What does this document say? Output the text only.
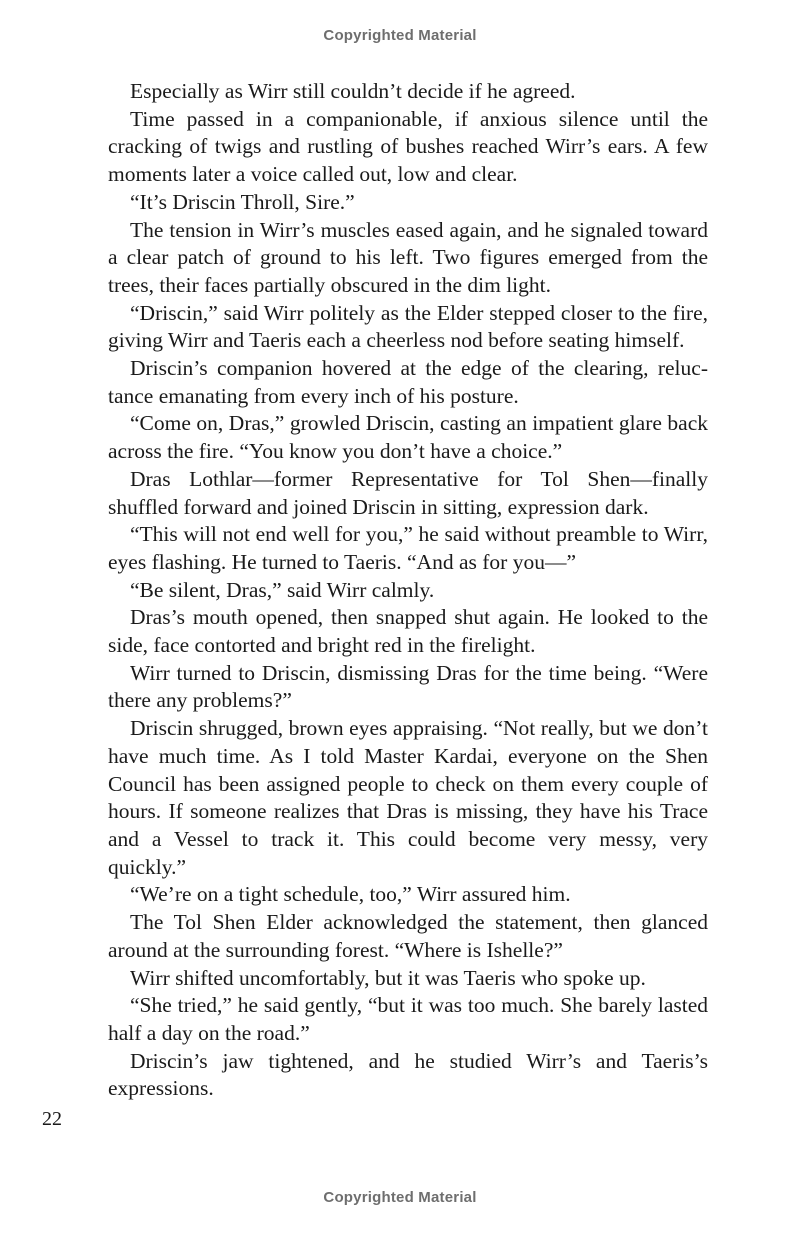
Copyrighted Material

Especially as Wirr still couldn’t decide if he agreed.

Time passed in a companionable, if anxious silence until the cracking of twigs and rustling of bushes reached Wirr’s ears. A few moments later a voice called out, low and clear.

“It’s Driscin Throll, Sire.”

The tension in Wirr’s muscles eased again, and he signaled toward a clear patch of ground to his left. Two figures emerged from the trees, their faces partially obscured in the dim light.

“Driscin,” said Wirr politely as the Elder stepped closer to the fire, giving Wirr and Taeris each a cheerless nod before seating himself.

Driscin’s companion hovered at the edge of the clearing, reluctance emanating from every inch of his posture.

“Come on, Dras,” growled Driscin, casting an impatient glare back across the fire. “You know you don’t have a choice.”

Dras Lothlar—former Representative for Tol Shen—finally shuffled forward and joined Driscin in sitting, expression dark.

“This will not end well for you,” he said without preamble to Wirr, eyes flashing. He turned to Taeris. “And as for you—”

“Be silent, Dras,” said Wirr calmly.

Dras’s mouth opened, then snapped shut again. He looked to the side, face contorted and bright red in the firelight.

Wirr turned to Driscin, dismissing Dras for the time being. “Were there any problems?”

Driscin shrugged, brown eyes appraising. “Not really, but we don’t have much time. As I told Master Kardai, everyone on the Shen Council has been assigned people to check on them every couple of hours. If someone realizes that Dras is missing, they have his Trace and a Vessel to track it. This could become very messy, very quickly.”

“We’re on a tight schedule, too,” Wirr assured him.

The Tol Shen Elder acknowledged the statement, then glanced around at the surrounding forest. “Where is Ishelle?”

Wirr shifted uncomfortably, but it was Taeris who spoke up.

“She tried,” he said gently, “but it was too much. She barely lasted half a day on the road.”

Driscin’s jaw tightened, and he studied Wirr’s and Taeris’s expressions.

22
Copyrighted Material
